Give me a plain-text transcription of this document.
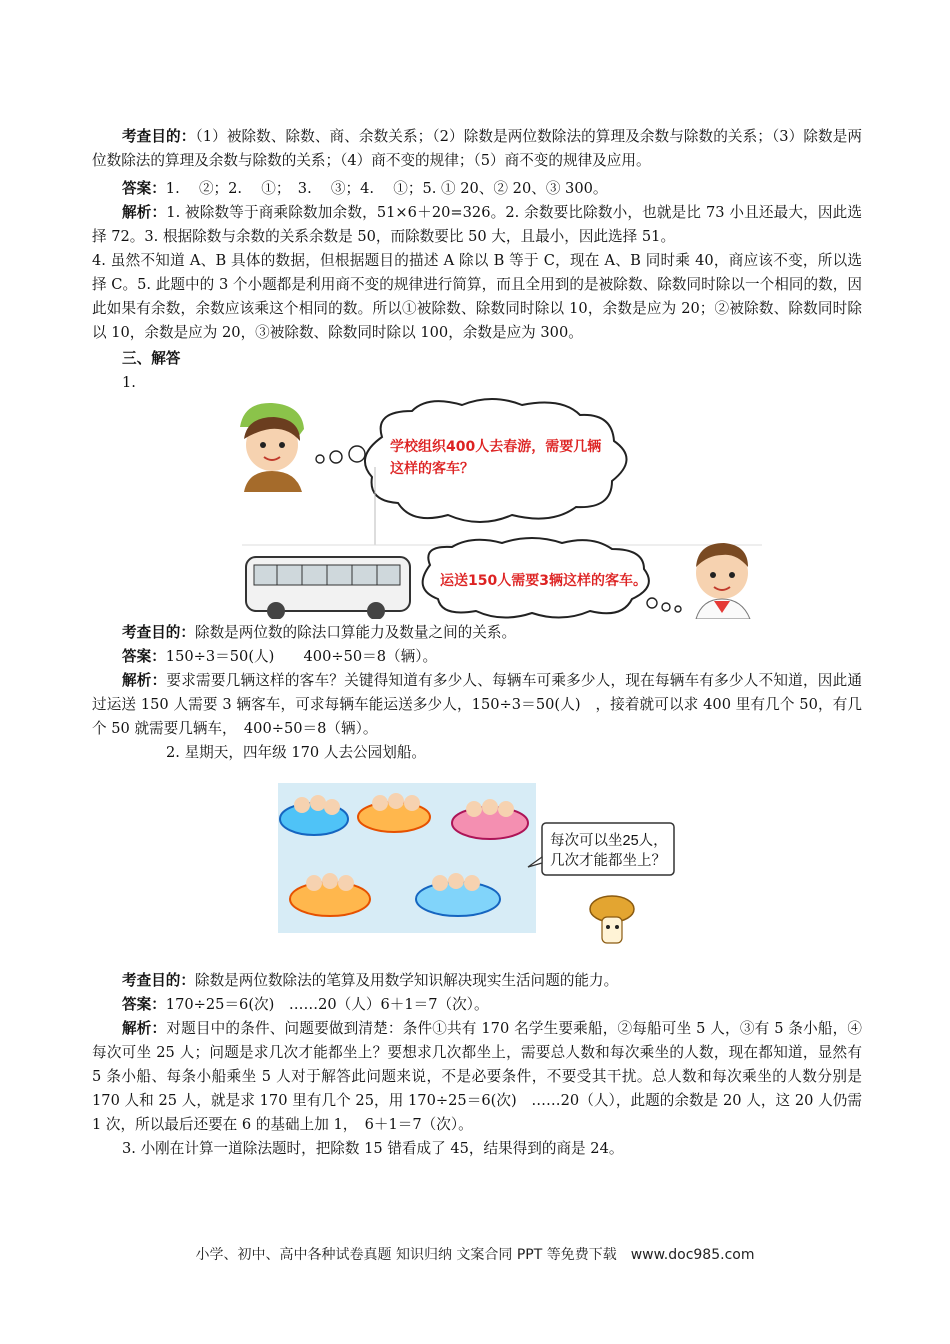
考查目的：（1）被除数、除数、商、余数关系；（2）除数是两位数除法的算理及余数与除数的关系；（3）除数是两位数除法的算理及余数与除数的关系；（4）商不变的规律；（5）商不变的规律及应用。

答案：1.　 ②；2.　 ①；　3.　 ③；4.　 ①；5. ① 20、② 20、③ 300。

解析：1. 被除数等于商乘除数加余数，51×6＋20=326。2. 余数要比除数小，也就是比 73 小且还最大，因此选择 72。3. 根据除数与余数的关系余数是 50，而除数要比 50 大，且最小，因此选择 51。

4. 虽然不知道 A、B 具体的数据，但根据题目的描述 A 除以 B 等于 C，现在 A、B 同时乘 40，商应该不变，所以选择 C。5. 此题中的 3 个小题都是利用商不变的规律进行简算，而且全用到的是被除数、除数同时除以一个相同的数，因此如果有余数，余数应该乘这个相同的数。所以①被除数、除数同时除以 10，余数是应为 20；②被除数、除数同时除以 10，余数是应为 20，③被除数、除数同时除以 100，余数是应为 300。

三、解答

1.

学校组织400人去春游，需要几辆
这样的客车？
运送150人需要3辆这样的客车。

考查目的：除数是两位数的除法口算能力及数量之间的关系。

答案：150÷3＝50(人)　　400÷50＝8（辆）。

解析：要求需要几辆这样的客车？关键得知道有多少人、每辆车可乘多少人，现在每辆车有多少人不知道，因此通过运送 150 人需要 3 辆客车，可求每辆车能运送多少人，150÷3＝50(人)　，接着就可以求 400 里有几个 50，有几个 50 就需要几辆车，　400÷50＝8（辆）。

2. 星期天，四年级 170 人去公园划船。

每次可以坐25人，
几次才能都坐上？

考查目的：除数是两位数除法的笔算及用数学知识解决现实生活问题的能力。

答案：170÷25＝6(次)　……20（人）6＋1＝7（次）。

解析：对题目中的条件、问题要做到清楚：条件①共有 170 名学生要乘船，②每船可坐 5 人，③有 5 条小船，④每次可坐 25 人；问题是求几次才能都坐上？要想求几次都坐上，需要总人数和每次乘坐的人数，现在都知道，显然有 5 条小船、每条小船乘坐 5 人对于解答此问题来说，不是必要条件，不要受其干扰。总人数和每次乘坐的人数分别是 170 人和 25 人，就是求 170 里有几个 25，用 170÷25＝6(次)　……20（人），此题的余数是 20 人，这 20 人仍需 1 次，所以最后还要在 6 的基础上加 1，　6＋1＝7（次）。

3. 小刚在计算一道除法题时，把除数 15 错看成了 45，结果得到的商是 24。

小学、初中、高中各种试卷真题 知识归纳 文案合同 PPT 等免费下载　www.doc985.com
